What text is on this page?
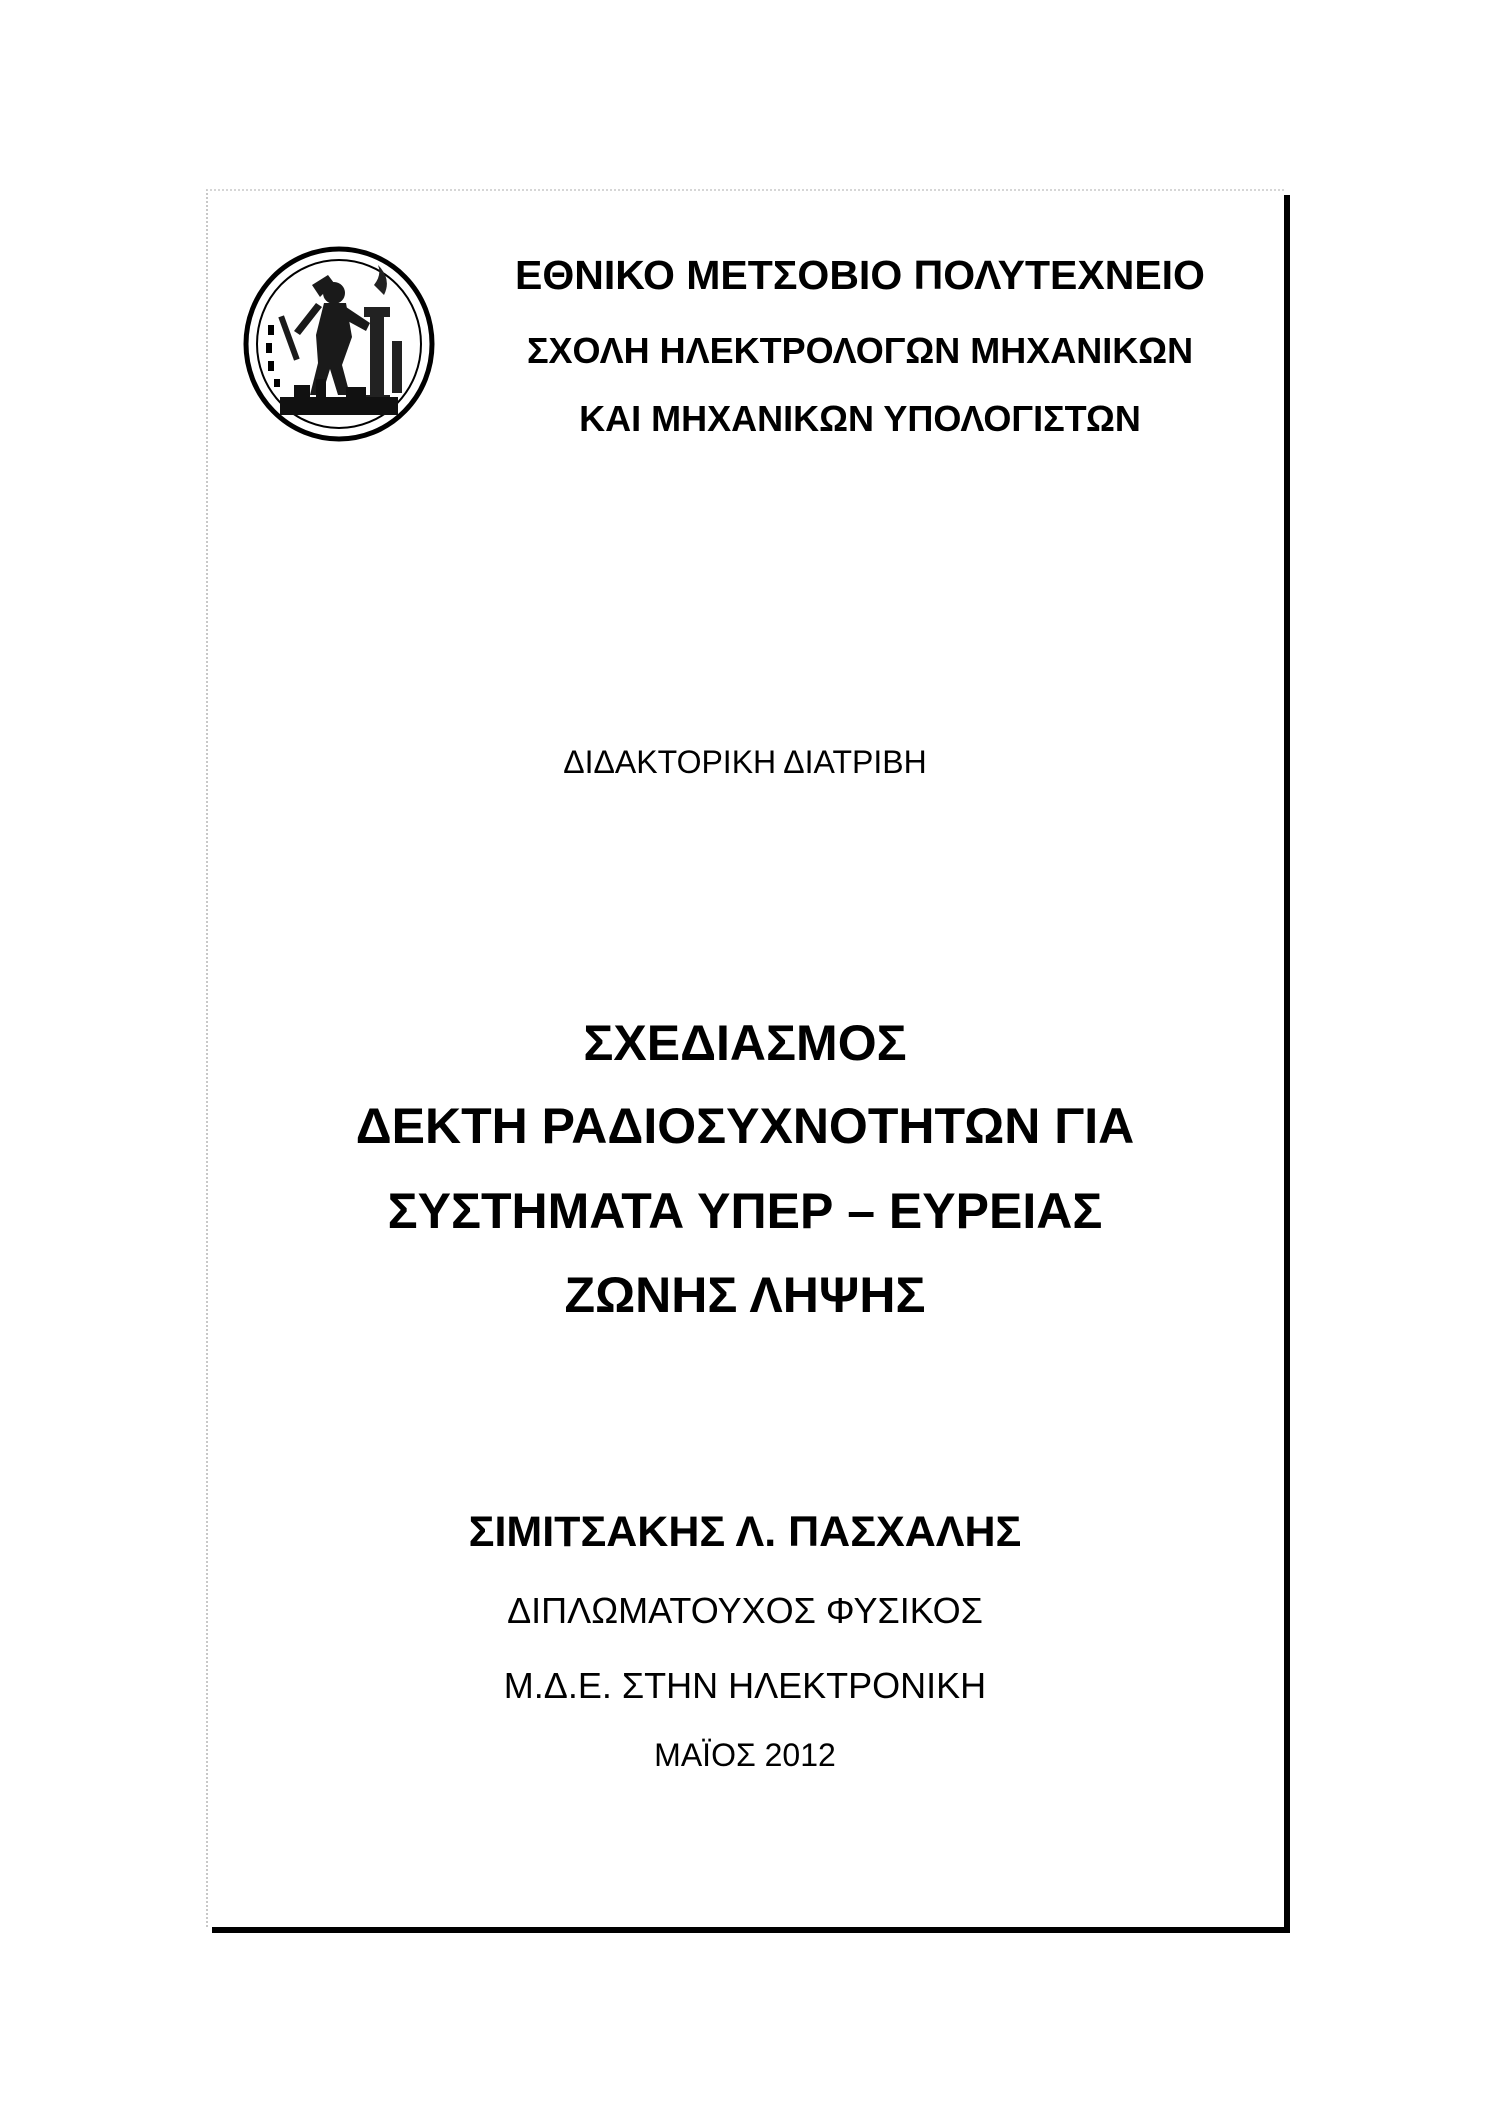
ΕΘΝΙΚΟ ΜΕΤΣΟΒΙΟ ΠΟΛΥΤΕΧΝΕΙΟ
ΣΧΟΛΗ ΗΛΕΚΤΡΟΛΟΓΩΝ ΜΗΧΑΝΙΚΩΝ
ΚΑΙ ΜΗΧΑΝΙΚΩΝ ΥΠΟΛΟΓΙΣΤΩΝ
ΔΙΔΑΚΤΟΡΙΚΗ ΔΙΑΤΡΙΒΗ
ΣΧΕΔΙΑΣΜΟΣ
ΔΕΚΤΗ ΡΑΔΙΟΣΥΧΝΟΤΗΤΩΝ ΓΙΑ
ΣΥΣΤΗΜΑΤΑ ΥΠΕΡ – ΕΥΡΕΙΑΣ
ΖΩΝΗΣ ΛΗΨΗΣ
ΣΙΜΙΤΣΑΚΗΣ Λ. ΠΑΣΧΑΛΗΣ
ΔΙΠΛΩΜΑΤΟΥΧΟΣ ΦΥΣΙΚΟΣ
Μ.Δ.Ε. ΣΤΗΝ ΗΛΕΚΤΡΟΝΙΚΗ
ΜΑΪΟΣ 2012
